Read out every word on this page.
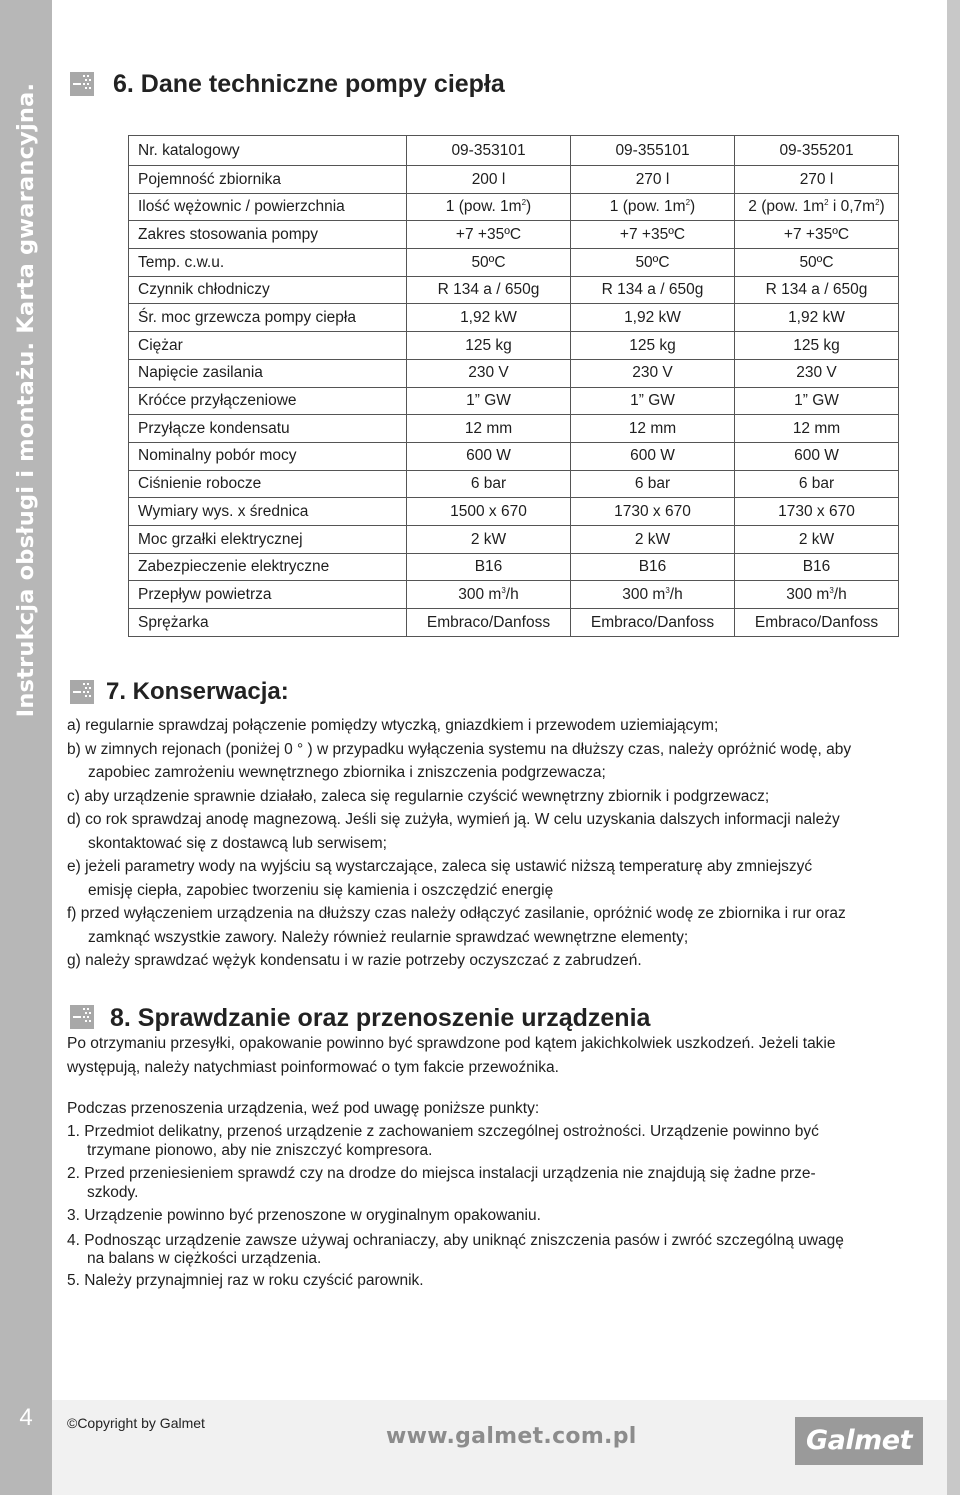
Instrukcja obsługi i montażu. Karta gwarancyjna.
4
6. Dane techniczne pompy ciepła
Nr. katalogowy	09-353101	09-355101	09-355201
Pojemność zbiornika	200 l	270 l	270 l
Ilość wężownic / powierzchnia	1 (pow. $1m^2$)	1 (pow. $1m^2$)	2 (pow. $1m^2$ i $0,7m^2$)
Zakres stosowania pompy	+7 +35ºC	+7 +35ºC	+7 +35ºC
Temp. c.w.u.	50ºC	50ºC	50ºC
Czynnik chłodniczy	R 134 a / 650g	R 134 a / 650g	R 134 a / 650g
Śr. moc grzewcza pompy ciepła	1,92 kW	1,92 kW	1,92 kW
Ciężar	125 kg	125 kg	125 kg
Napięcie zasilania	230 V	230 V	230 V
Króćce przyłączeniowe	1” GW	1” GW	1” GW
Przyłącze kondensatu	12 mm	12 mm	12 mm
Nominalny pobór mocy	600 W	600 W	600 W
Ciśnienie robocze	6 bar	6 bar	6 bar
Wymiary wys. x średnica	1500 x 670	1730 x 670	1730 x 670
Moc grzałki elektrycznej	2 kW	2 kW	2 kW
Zabezpieczenie elektryczne	B16	B16	B16
Przepływ powietrza	300 $m^3/h$	300 $m^3/h$	300 $m^3/h$
Sprężarka	Embraco/Danfoss	Embraco/Danfoss	Embraco/Danfoss
7. Konserwacja:
a) regularnie sprawdzaj połączenie pomiędzy wtyczką, gniazdkiem i przewodem uziemiającym;
b) w zimnych rejonach (poniżej 0 ° ) w przypadku wyłączenia systemu na dłuższy czas, należy opróżnić wodę, aby
zapobiec zamrożeniu wewnętrznego zbiornika i zniszczenia podgrzewacza;
c) aby urządzenie sprawnie działało, zaleca się regularnie czyścić wewnętrzny zbiornik i podgrzewacz;
d) co rok sprawdzaj anodę magnezową. Jeśli się zużyła, wymień ją. W celu uzyskania dalszych informacji należy
skontaktować się z dostawcą lub serwisem;
e) jeżeli parametry wody na wyjściu są wystarczające, zaleca się ustawić niższą temperaturę aby zmniejszyć
emisję ciepła, zapobiec tworzeniu się kamienia i oszczędzić energię
f) przed wyłączeniem urządzenia na dłuższy czas należy odłączyć zasilanie, opróżnić wodę ze zbiornika i rur oraz
zamknąć wszystkie zawory. Należy również reularnie sprawdzać wewnętrzne elementy;
g) należy sprawdzać wężyk kondensatu i w razie potrzeby oczyszczać z zabrudzeń.
8. Sprawdzanie oraz przenoszenie urządzenia
Po otrzymaniu przesyłki, opakowanie powinno być sprawdzone pod kątem jakichkolwiek uszkodzeń. Jeżeli takie
występują, należy natychmiast poinformować o tym fakcie przewoźnika.
Podczas przenoszenia urządzenia, weź pod uwagę poniższe punkty:
1. Przedmiot delikatny, przenoś urządzenie z zachowaniem szczególnej ostrożności. Urządzenie powinno być
trzymane pionowo, aby nie zniszczyć kompresora.
2. Przed przeniesieniem sprawdź czy na drodze do miejsca instalacji urządzenia nie znajdują się żadne prze-
szkody.
3. Urządzenie powinno być przenoszone w oryginalnym opakowaniu.
4. Podnosząc urządzenie zawsze używaj ochraniaczy, aby uniknąć zniszczenia pasów i zwróć szczególną uwagę
na balans w ciężkości urządzenia.
5. Należy przynajmniej raz w roku czyścić parownik.
©Copyright by Galmet
www.galmet.com.pl	Galmet
